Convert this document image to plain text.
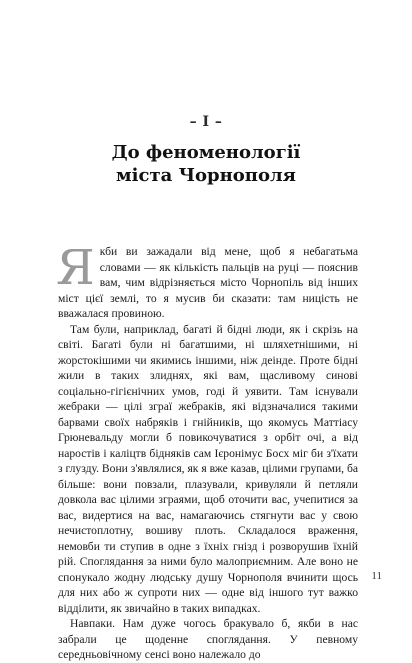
– І –
До феноменології
міста Чорнополя

Якби ви зажадали від мене, щоб я небагатьма словами — як кількість пальців на руці — пояснив вам, чим відрізняється місто Чорнопіль від інших міст цієї землі, то я мусив би сказати: там ницість не вважалася провиною.

Там були, наприклад, багаті й бідні люди, як і скрізь на світі. Багаті були ні багатшими, ні шляхетнішими, ні жорстокішими чи якимись іншими, ніж деінде. Проте бідні жили в таких злиднях, які вам, щасливому синові соціально-гігієнічних умов, годі й уявити. Там існували жебраки — цілі зграї жебраків, які відзначалися такими барвами своїх набряків і гнійників, що якомусь Маттіасу Грюневальду могли б повикочуватися з орбіт очі, а від наростів і каліцтв бідняків сам Ієронімус Босх міг би з'їхати з глузду. Вони з'являлися, як я вже казав, цілими групами, ба більше: вони повзали, плазували, кривуляли й петляли довкола вас цілими зграями, щоб оточити вас, учепитися за вас, видертися на вас, намагаючись стягнути вас у свою нечистоплотну, вошиву плоть. Складалося враження, немовби ти ступив в одне з їхніх гнізд і розворушив їхній рій. Споглядання за ними було малоприємним. Але воно не спонукало жодну людську душу Чорнополя вчинити щось для них або ж супроти них — одне від іншого тут важко відділити, як звичайно в таких випадках.

Навпаки. Нам дуже чогось бракувало б, якби в нас забрали це щоденне споглядання. У певному середньовічному сенсі воно належало до

11
